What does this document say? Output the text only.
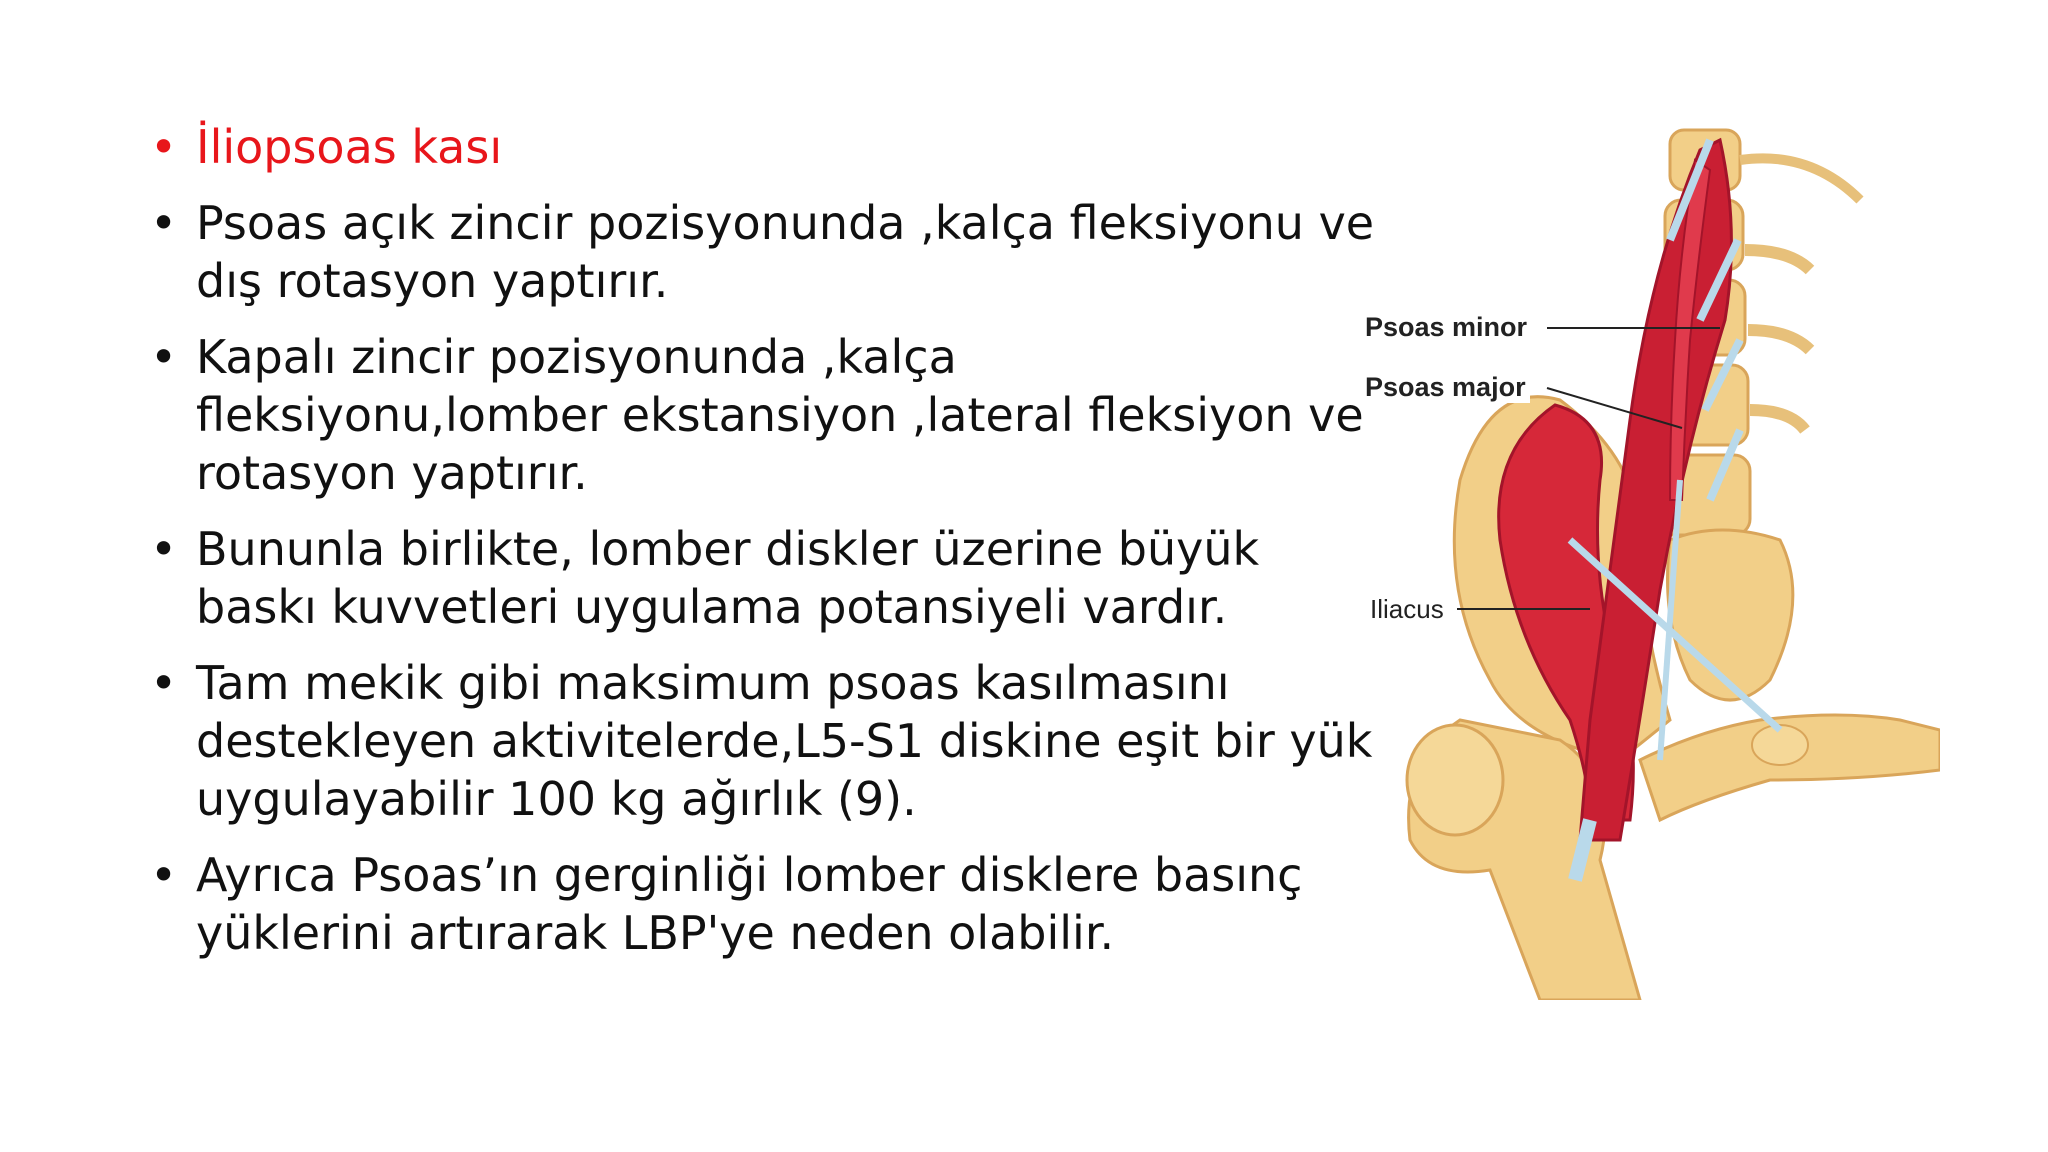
• İliopsoas kası
• Psoas açık zincir pozisyonunda ,kalça fleksiyonu ve dış rotasyon yaptırır.
• Kapalı zincir pozisyonunda ,kalça fleksiyonu,lomber ekstansiyon ,lateral fleksiyon ve rotasyon yaptırır.
• Bununla birlikte, lomber diskler üzerine büyük baskı kuvvetleri uygulama potansiyeli vardır.
• Tam mekik gibi maksimum psoas kasılmasını destekleyen aktivitelerde,L5-S1 diskine eşit bir yük uygulayabilir 100 kg ağırlık (9).
• Ayrıca Psoas’ın gerginliği lomber disklere basınç yüklerini artırarak LBP'ye neden olabilir.
Psoas minor
Psoas major
Iliacus
